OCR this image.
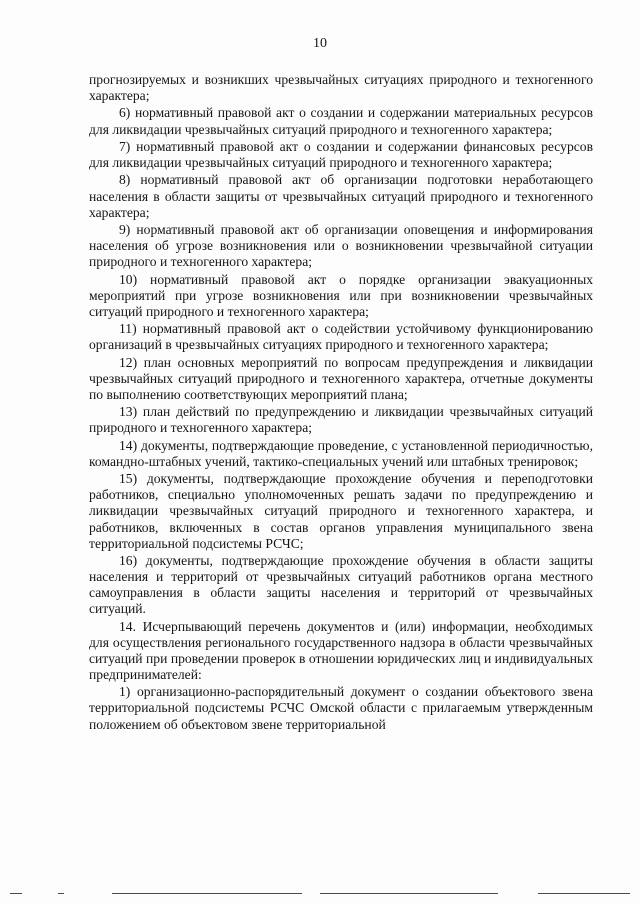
10

прогнозируемых и возникших чрезвычайных ситуациях природного и техногенного характера;

6) нормативный правовой акт о создании и содержании материальных ресурсов для ликвидации чрезвычайных ситуаций природного и техногенного характера;

7) нормативный правовой акт о создании и содержании финансовых ресурсов для ликвидации чрезвычайных ситуаций природного и техногенного характера;

8) нормативный правовой акт об организации подготовки неработающего населения в области защиты от чрезвычайных ситуаций природного и техногенного характера;

9) нормативный правовой акт об организации оповещения и информирования населения об угрозе возникновения или о возникновении чрезвычайной ситуации природного и техногенного характера;

10) нормативный правовой акт о порядке организации эвакуационных мероприятий при угрозе возникновения или при возникновении чрезвычайных ситуаций природного и техногенного характера;

11) нормативный правовой акт о содействии устойчивому функционированию организаций в чрезвычайных ситуациях природного и техногенного характера;

12) план основных мероприятий по вопросам предупреждения и ликвидации чрезвычайных ситуаций природного и техногенного характера, отчетные документы по выполнению соответствующих мероприятий плана;

13) план действий по предупреждению и ликвидации чрезвычайных ситуаций природного и техногенного характера;

14) документы, подтверждающие проведение, с установленной периодичностью, командно-штабных учений, тактико-специальных учений или штабных тренировок;

15) документы, подтверждающие прохождение обучения и переподготовки работников, специально уполномоченных решать задачи по предупреждению и ликвидации чрезвычайных ситуаций природного и техногенного характера, и работников, включенных в состав органов управления муниципального звена территориальной подсистемы РСЧС;

16) документы, подтверждающие прохождение обучения в области защиты населения и территорий от чрезвычайных ситуаций работников органа местного самоуправления в области защиты населения и территорий от чрезвычайных ситуаций.

14. Исчерпывающий перечень документов и (или) информации, необходимых для осуществления регионального государственного надзора в области чрезвычайных ситуаций при проведении проверок в отношении юридических лиц и индивидуальных предпринимателей:

1) организационно-распорядительный документ о создании объектового звена территориальной подсистемы РСЧС Омской области с прилагаемым утвержденным положением об объектовом звене территориальной
